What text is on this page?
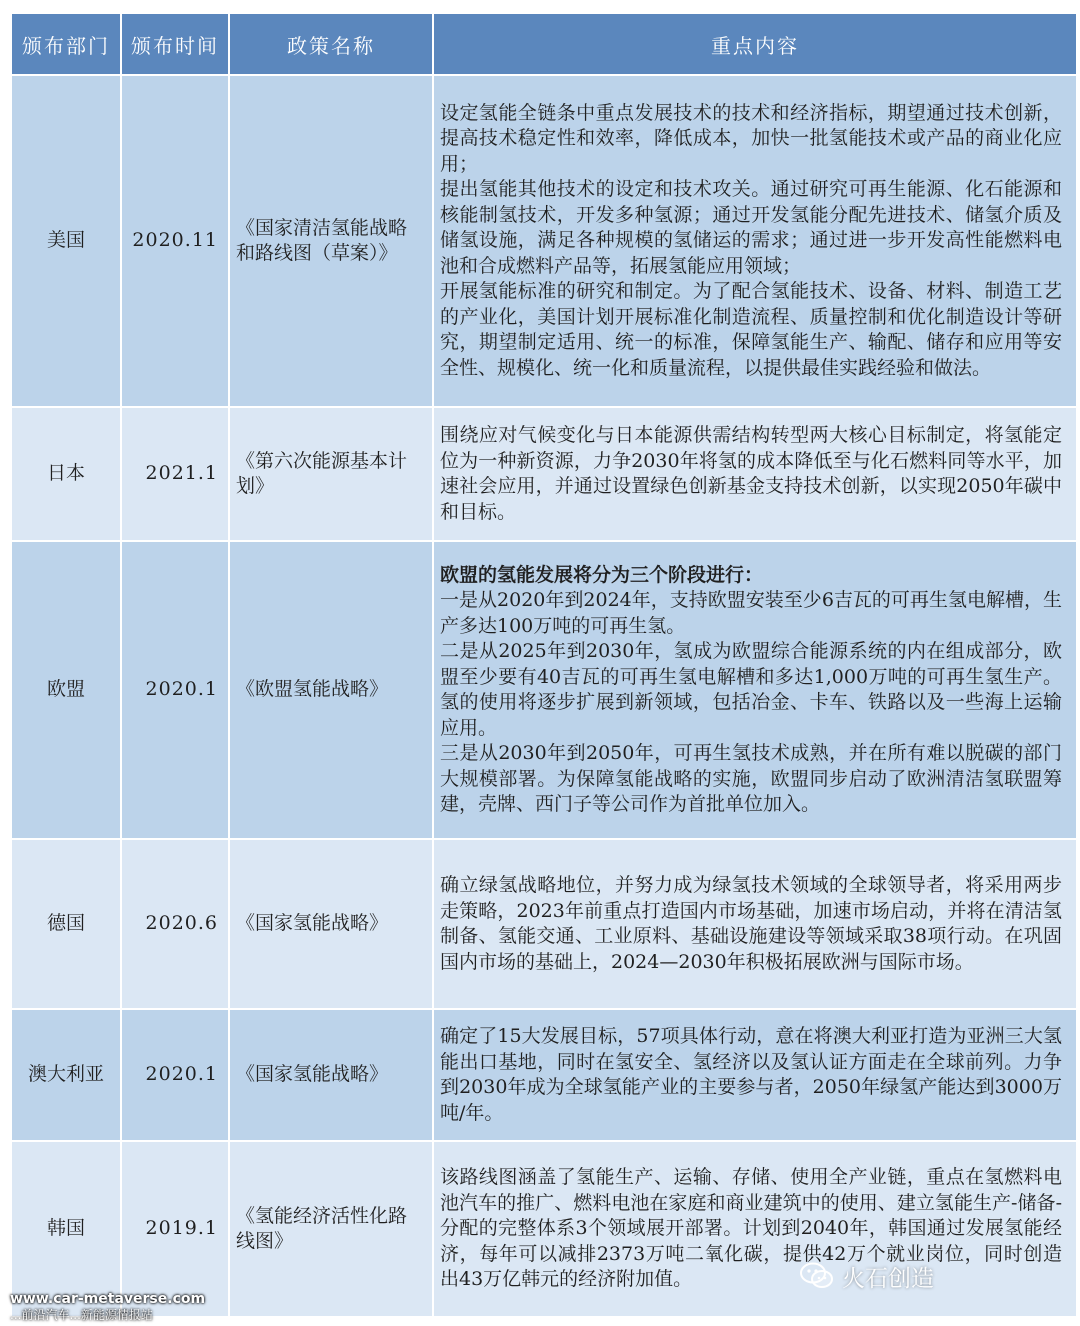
颁布部门	颁布时间	政策名称	重点内容
美国	2020.11	《国家清洁氢能战略和路线图（草案）》	设定氢能全链条中重点发展技术的技术和经济指标，期望通过技术创新，提高技术稳定性和效率，降低成本，加快一批氢能技术或产品的商业化应用；

提出氢能其他技术的设定和技术攻关。通过研究可再生能源、化石能源和核能制氢技术，开发多种氢源；通过开发氢能分配先进技术、储氢介质及储氢设施，满足各种规模的氢储运的需求；通过进一步开发高性能燃料电池和合成燃料产品等，拓展氢能应用领域；

开展氢能标准的研究和制定。为了配合氢能技术、设备、材料、制造工艺的产业化，美国计划开展标准化制造流程、质量控制和优化制造设计等研究，期望制定适用、统一的标准，保障氢能生产、输配、储存和应用等安全性、规模化、统一化和质量流程，以提供最佳实践经验和做法。

日本	2021.1	《第六次能源基本计划》	围绕应对气候变化与日本能源供需结构转型两大核心目标制定，将氢能定位为一种新资源，力争2030年将氢的成本降低至与化石燃料同等水平，加速社会应用，并通过设置绿色创新基金支持技术创新，以实现2050年碳中和目标。

欧盟	2020.1	《欧盟氢能战略》	欧盟的氢能发展将分为三个阶段进行：

一是从2020年到2024年，支持欧盟安装至少6吉瓦的可再生氢电解槽，生产多达100万吨的可再生氢。

二是从2025年到2030年，氢成为欧盟综合能源系统的内在组成部分，欧盟至少要有40吉瓦的可再生氢电解槽和多达1,000万吨的可再生氢生产。氢的使用将逐步扩展到新领域，包括冶金、卡车、铁路以及一些海上运输应用。

三是从2030年到2050年，可再生氢技术成熟，并在所有难以脱碳的部门大规模部署。为保障氢能战略的实施，欧盟同步启动了欧洲清洁氢联盟筹建，壳牌、西门子等公司作为首批单位加入。

德国	2020.6	《国家氢能战略》	确立绿氢战略地位，并努力成为绿氢技术领域的全球领导者，将采用两步走策略，2023年前重点打造国内市场基础，加速市场启动，并将在清洁氢制备、氢能交通、工业原料、基础设施建设等领域采取38项行动。在巩固国内市场的基础上，2024—2030年积极拓展欧洲与国际市场。

澳大利亚	2020.1	《国家氢能战略》	确定了15大发展目标，57项具体行动，意在将澳大利亚打造为亚洲三大氢能出口基地，同时在氢安全、氢经济以及氢认证方面走在全球前列。力争到2030年成为全球氢能产业的主要参与者，2050年绿氢产能达到3000万吨/年。

韩国	2019.1	《氢能经济活性化路线图》	该路线图涵盖了氢能生产、运输、存储、使用全产业链，重点在氢燃料电池汽车的推广、燃料电池在家庭和商业建筑中的使用、建立氢能生产-储备-分配的完整体系3个领域展开部署。计划到2040年，韩国通过发展氢能经济，每年可以减排2373万吨二氧化碳，提供42万个就业岗位，同时创造出43万亿韩元的经济附加值。	火石创造
www.car-metaverse.com
...前沿汽车...新能源情报站
